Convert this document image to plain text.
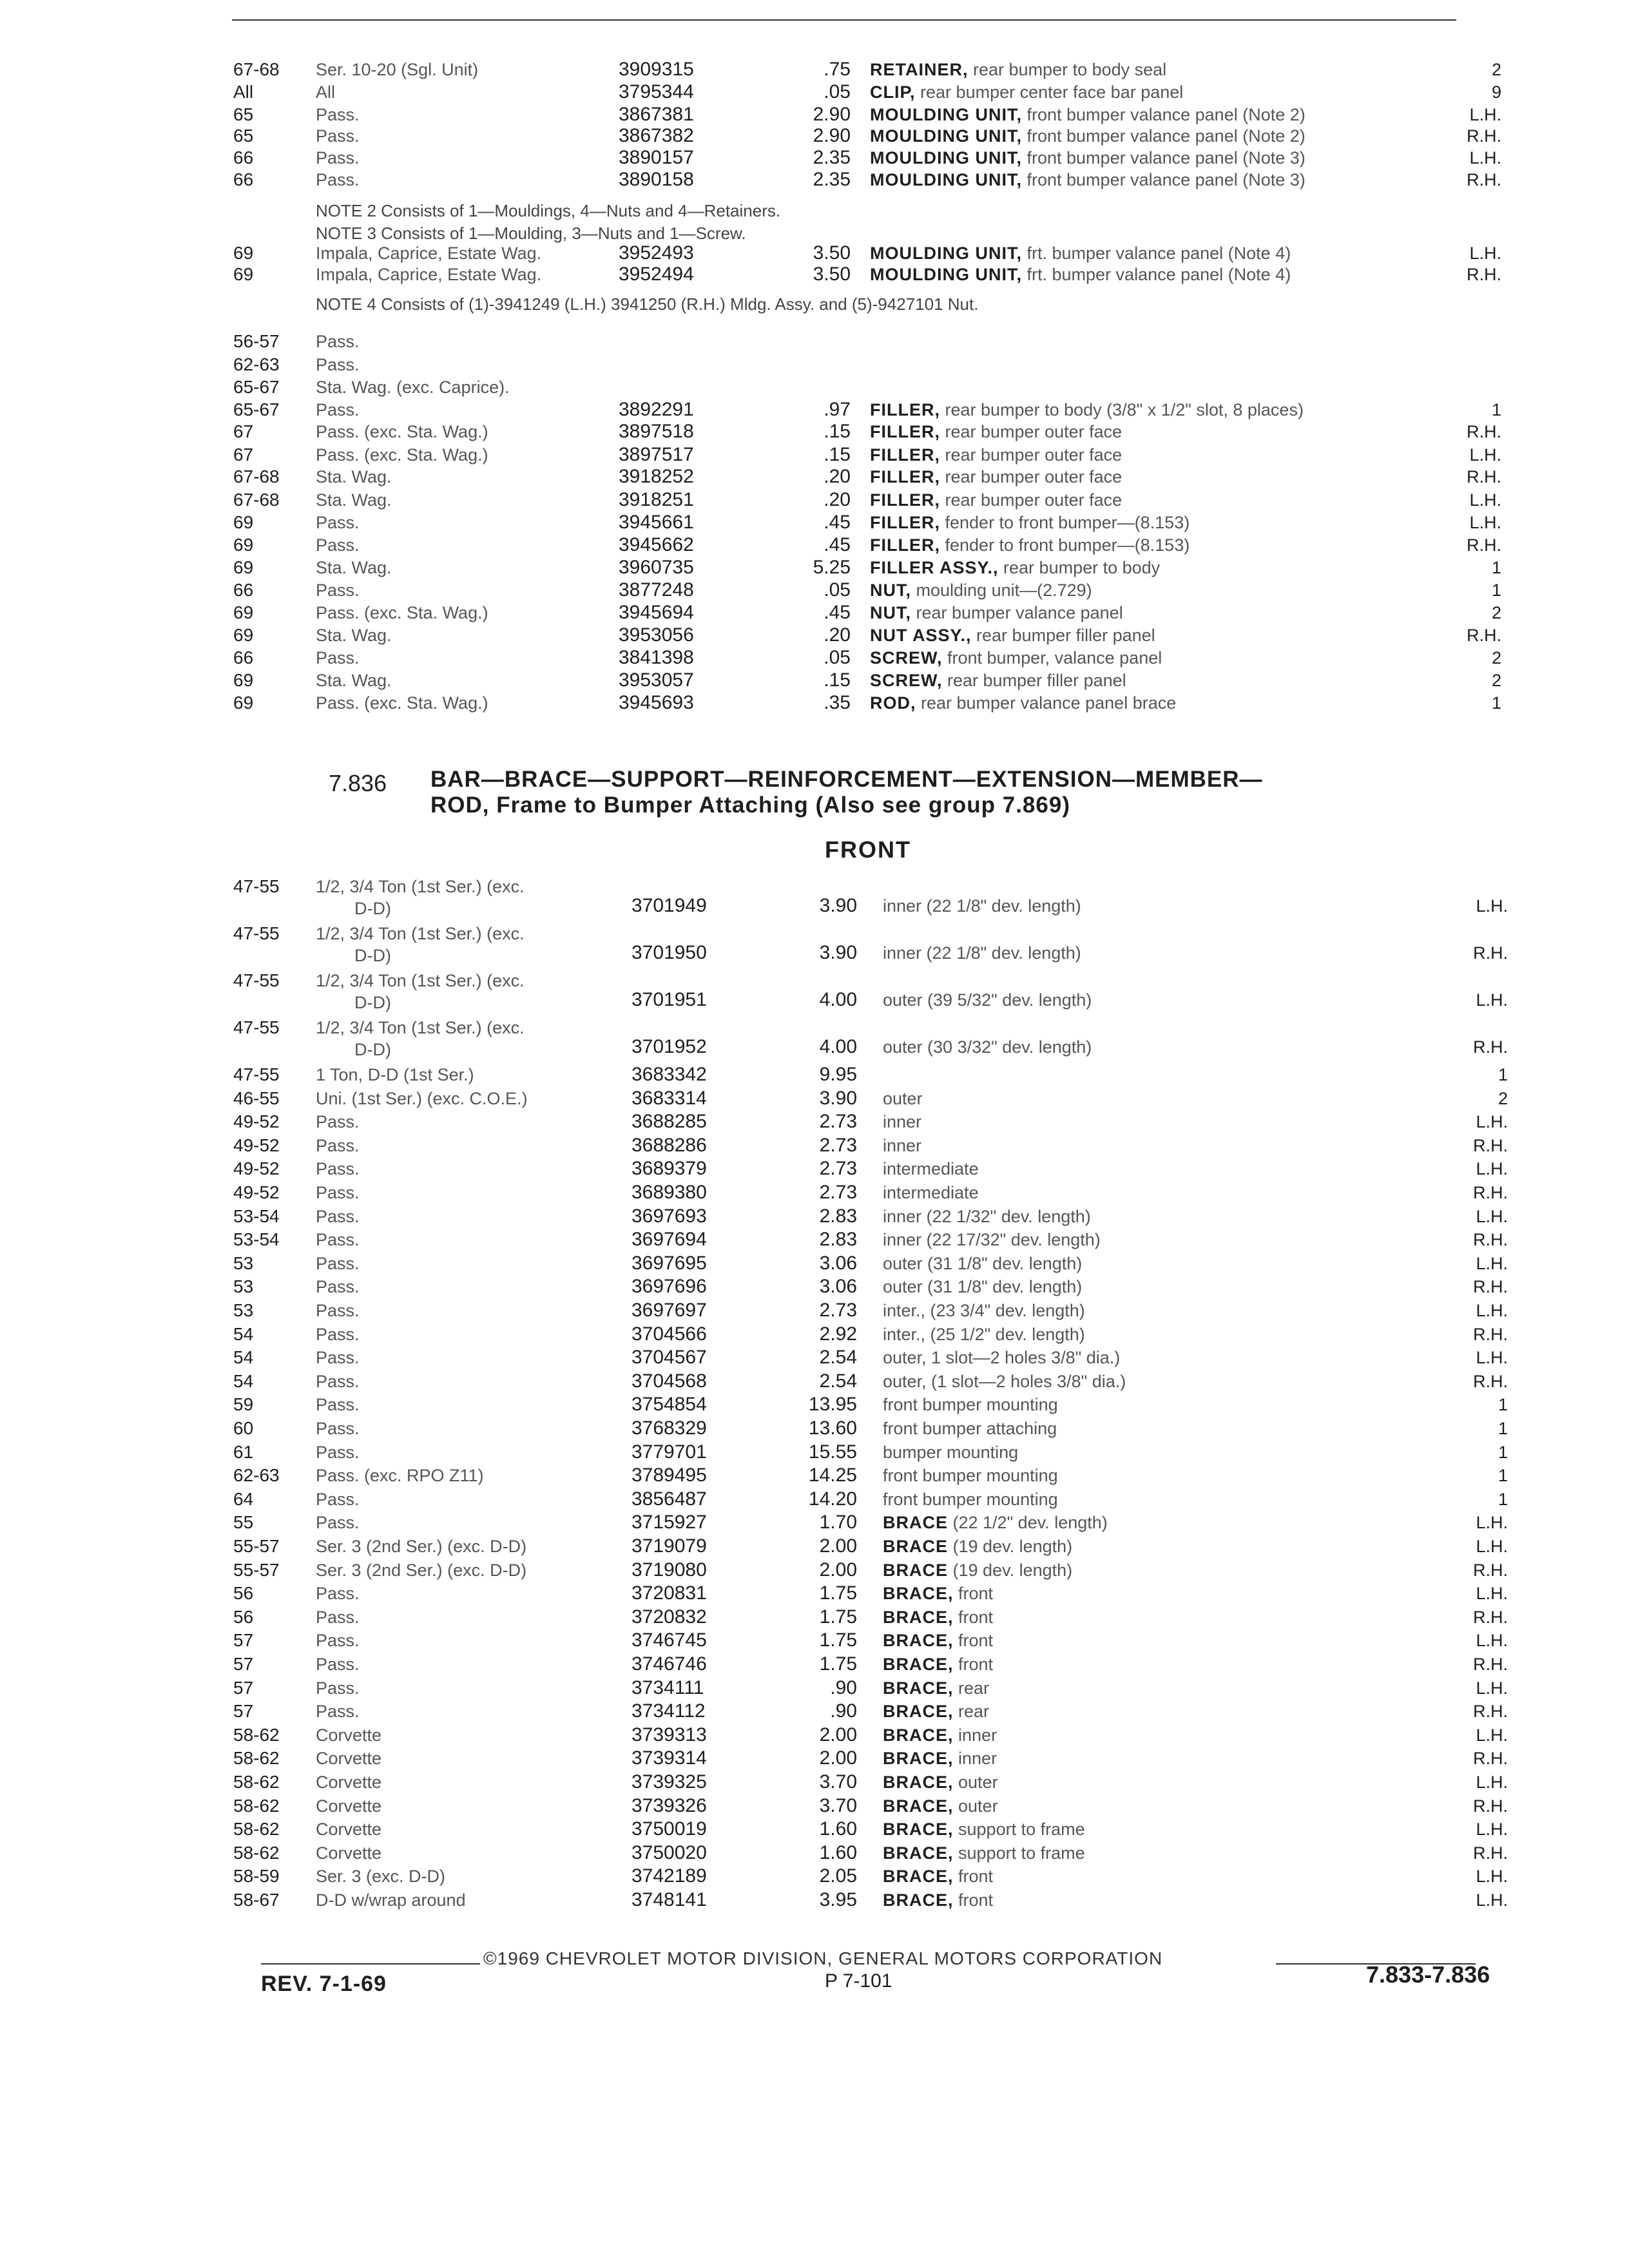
67-68	Ser. 10-20 (Sgl. Unit)	3909315	.75 RETAINER, rear bumper to body seal	2
All	All	3795344	.05 CLIP, rear bumper center face bar panel	9
65	Pass.	3867381	2.90 MOULDING UNIT, front bumper valance panel (Note 2)	L.H.
65	Pass.	3867382	2.90 MOULDING UNIT, front bumper valance panel (Note 2)	R.H.
66	Pass.	3890157	2.35 MOULDING UNIT, front bumper valance panel (Note 3)	L.H.
66	Pass.	3890158	2.35 MOULDING UNIT, front bumper valance panel (Note 3)	R.H.
69	Impala, Caprice, Estate Wag.	3952493	3.50 MOULDING UNIT, frt. bumper valance panel (Note 4)	L.H.
69	Impala, Caprice, Estate Wag.	3952494	3.50 MOULDING UNIT, frt. bumper valance panel (Note 4)	R.H.
56-57	Pass.
62-63	Pass.
65-67	Sta. Wag. (exc. Caprice).
65-67	Pass.	3892291	.97 FILLER, rear bumper to body (3/8" x 1/2" slot, 8 places)	1
67	Pass. (exc. Sta. Wag.)	3897518	.15 FILLER, rear bumper outer face	R.H.
67	Pass. (exc. Sta. Wag.)	3897517	.15 FILLER, rear bumper outer face	L.H.
67-68	Sta. Wag.	3918252	.20 FILLER, rear bumper outer face	R.H.
67-68	Sta. Wag.	3918251	.20 FILLER, rear bumper outer face	L.H.
69	Pass.	3945661	.45 FILLER, fender to front bumper—(8.153)	L.H.
69	Pass.	3945662	.45 FILLER, fender to front bumper—(8.153)	R.H.
69	Sta. Wag.	3960735	5.25 FILLER ASSY., rear bumper to body	1
66	Pass.	3877248	.05 NUT, moulding unit—(2.729)	1
69	Pass. (exc. Sta. Wag.)	3945694	.45 NUT, rear bumper valance panel	2
69	Sta. Wag.	3953056	.20 NUT ASSY., rear bumper filler panel	R.H.
66	Pass.	3841398	.05 SCREW, front bumper, valance panel	2
69	Sta. Wag.	3953057	.15 SCREW, rear bumper filler panel	2
69	Pass. (exc. Sta. Wag.)	3945693	.35 ROD, rear bumper valance panel brace	1
NOTE 2 Consists of 1—Mouldings, 4—Nuts and 4—Retainers.
NOTE 3 Consists of 1—Moulding, 3—Nuts and 1—Screw.
NOTE 4 Consists of (1)-3941249 (L.H.) 3941250 (R.H.) Mldg. Assy. and (5)-9427101 Nut.
7.836 BAR—BRACE—SUPPORT—REINFORCEMENT—EXTENSION—MEMBER—
ROD, Frame to Bumper Attaching (Also see group 7.869)
FRONT
47-55	1/2, 3/4 Ton (1st Ser.) (exc.
D-D)	3701949	3.90 inner (22 1/8" dev. length)	L.H.
47-55	1/2, 3/4 Ton (1st Ser.) (exc.
D-D)	3701950	3.90 inner (22 1/8" dev. length)	R.H.
47-55	1/2, 3/4 Ton (1st Ser.) (exc.
D-D)	3701951	4.00 outer (39 5/32" dev. length)	L.H.
47-55	1/2, 3/4 Ton (1st Ser.) (exc.
D-D)	3701952	4.00 outer (30 3/32" dev. length)	R.H.
47-55	1 Ton, D-D (1st Ser.)	3683342	9.95	1
46-55	Uni. (1st Ser.) (exc. C.O.E.)	3683314	3.90 outer	2
49-52	Pass.	3688285	2.73 inner	L.H.
49-52	Pass.	3688286	2.73 inner	R.H.
49-52	Pass.	3689379	2.73 intermediate	L.H.
49-52	Pass.	3689380	2.73 intermediate	R.H.
53-54	Pass.	3697693	2.83 inner (22 1/32" dev. length)	L.H.
53-54	Pass.	3697694	2.83 inner (22 17/32" dev. length)	R.H.
53	Pass.	3697695	3.06 outer (31 1/8" dev. length)	L.H.
53	Pass.	3697696	3.06 outer (31 1/8" dev. length)	R.H.
53	Pass.	3697697	2.73 inter., (23 3/4" dev. length)	L.H.
54	Pass.	3704566	2.92 inter., (25 1/2" dev. length)	R.H.
54	Pass.	3704567	2.54 outer, 1 slot—2 holes 3/8" dia.)	L.H.
54	Pass.	3704568	2.54 outer, (1 slot—2 holes 3/8" dia.)	R.H.
59	Pass.	3754854	13.95 front bumper mounting	1
60	Pass.	3768329	13.60 front bumper attaching	1
61	Pass.	3779701	15.55 bumper mounting	1
62-63	Pass. (exc. RPO Z11)	3789495	14.25 front bumper mounting	1
64	Pass.	3856487	14.20 front bumper mounting	1
55	Pass.	3715927	1.70 BRACE (22 1/2" dev. length)	L.H.
55-57	Ser. 3 (2nd Ser.) (exc. D-D)	3719079	2.00 BRACE (19 dev. length)	L.H.
55-57	Ser. 3 (2nd Ser.) (exc. D-D)	3719080	2.00 BRACE (19 dev. length)	R.H.
56	Pass.	3720831	1.75 BRACE, front	L.H.
56	Pass.	3720832	1.75 BRACE, front	R.H.
57	Pass.	3746745	1.75 BRACE, front	L.H.
57	Pass.	3746746	1.75 BRACE, front	R.H.
57	Pass.	3734111	.90 BRACE, rear	L.H.
57	Pass.	3734112	.90 BRACE, rear	R.H.
58-62	Corvette	3739313	2.00 BRACE, inner	L.H.
58-62	Corvette	3739314	2.00 BRACE, inner	R.H.
58-62	Corvette	3739325	3.70 BRACE, outer	L.H.
58-62	Corvette	3739326	3.70 BRACE, outer	R.H.
58-62	Corvette	3750019	1.60 BRACE, support to frame	L.H.
58-62	Corvette	3750020	1.60 BRACE, support to frame	R.H.
58-59	Ser. 3 (exc. D-D)	3742189	2.05 BRACE, front	L.H.
58-67	D-D w/wrap around	3748141	3.95 BRACE, front	L.H.
©1969 CHEVROLET MOTOR DIVISION, GENERAL MOTORS CORPORATION
REV. 7-1-69	P 7-101	7.833-7.836
